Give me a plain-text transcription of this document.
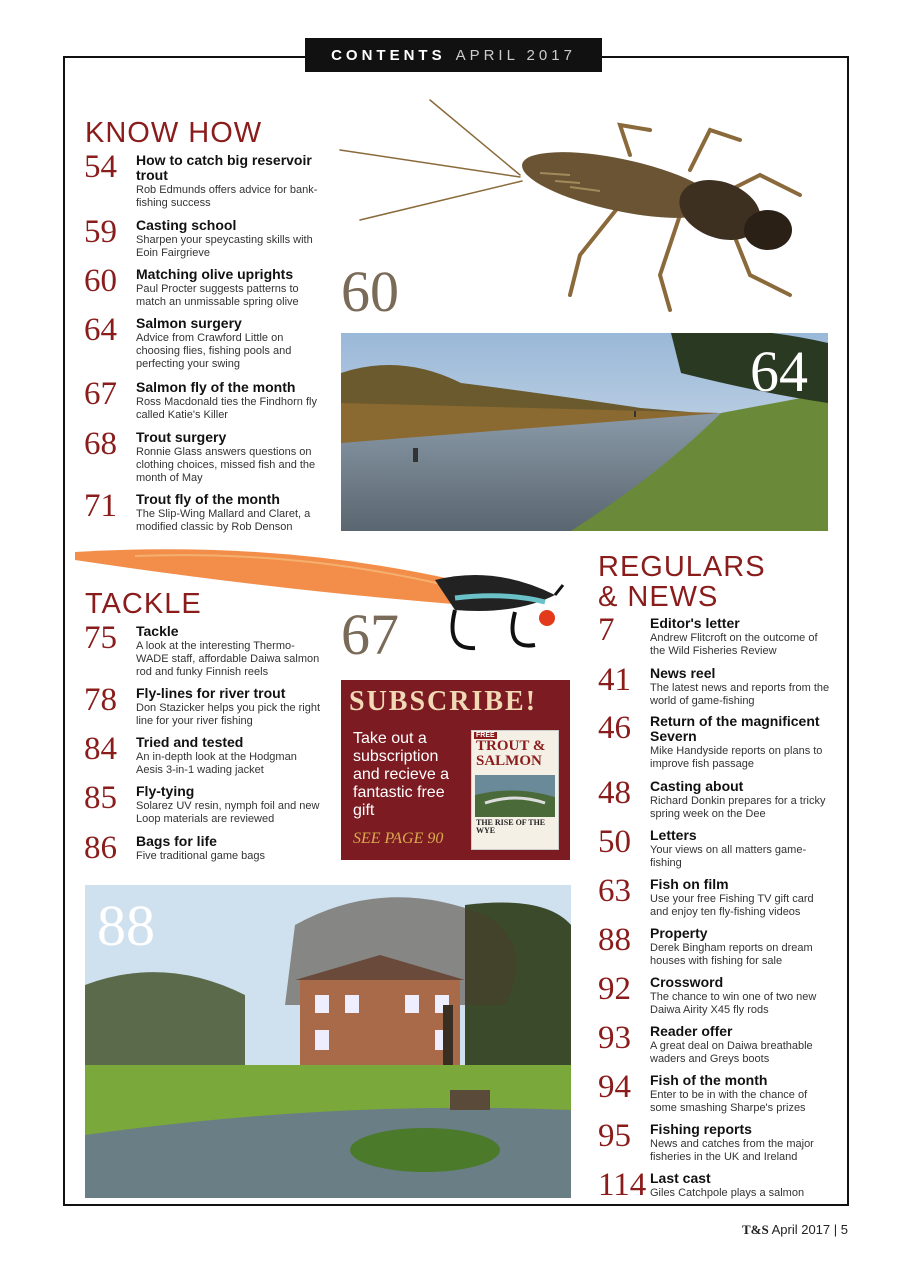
CONTENTS APRIL 2017
60
64
67
88
SUBSCRIBE!
Take out a subscription and recieve a fantastic free gift
SEE PAGE 90
FREE
TROUT & SALMON
THE RISE OF THE WYE
KNOW HOW
54 How to catch big reservoir trout
Rob Edmunds offers advice for bank-fishing success
59 Casting school
Sharpen your speycasting skills with Eoin Fairgrieve
60 Matching olive uprights
Paul Procter suggests patterns to match an unmissable spring olive
64 Salmon surgery
Advice from Crawford Little on choosing flies, fishing pools and perfecting your swing
67 Salmon fly of the month
Ross Macdonald ties the Findhorn fly called Katie's Killer
68 Trout surgery
Ronnie Glass answers questions on clothing choices, missed fish and the month of May
71 Trout fly of the month
The Slip-Wing Mallard and Claret, a modified classic by Rob Denson
TACKLE
75 Tackle
A look at the interesting Thermo-WADE staff, affordable Daiwa salmon rod and funky Finnish reels
78 Fly-lines for river trout
Don Stazicker helps you pick the right line for your river fishing
84 Tried and tested
An in-depth look at the Hodgman Aesis 3-in-1 wading jacket
85 Fly-tying
Solarez UV resin, nymph foil and new Loop materials are reviewed
86 Bags for life
Five traditional game bags
REGULARS
& NEWS
7	Editor's letter
Andrew Flitcroft on the outcome of the Wild Fisheries Review
41 News reel
The latest news and reports from the world of game-fishing
46 Return of the magnificent Severn
Mike Handyside reports on plans to improve fish passage
48 Casting about
Richard Donkin prepares for a tricky spring week on the Dee
50 Letters
Your views on all matters game-fishing
63 Fish on film
Use your free Fishing TV gift card and enjoy ten fly-fishing videos
88 Property
Derek Bingham reports on dream houses with fishing for sale
92 Crossword
The chance to win one of two new Daiwa Airity X45 fly rods
93 Reader offer
A great deal on Daiwa breathable waders and Greys boots
94 Fish of the month
Enter to be in with the chance of some smashing Sharpe's prizes
95 Fishing reports
News and catches from the major fisheries in the UK and Ireland
114 Last cast
Giles Catchpole plays a salmon
T&S April 2017 | 5
